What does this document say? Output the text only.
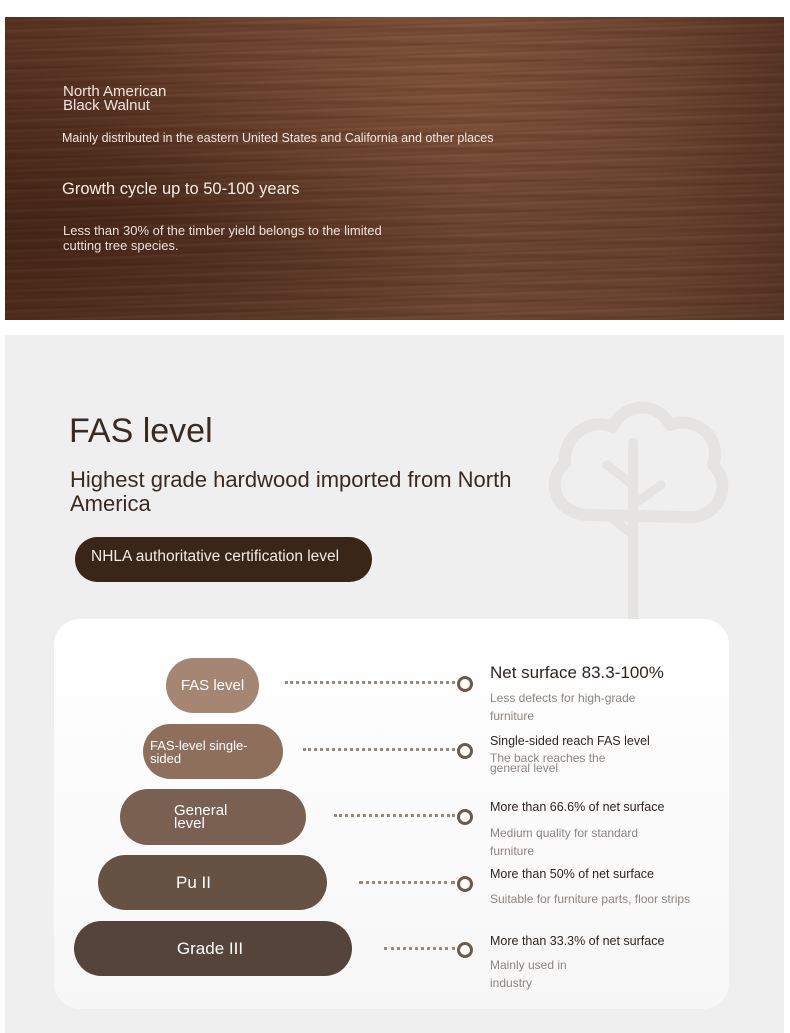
North American Black Walnut
Mainly distributed in the eastern United States and California and other places
Growth cycle up to 50-100 years
Less than 30% of the timber yield belongs to the limited cutting tree species.
FAS level
Highest grade hardwood imported from North America
NHLA authoritative certification level
FAS level
FAS-level single-sided
General level
Pu II
Grade III
Net surface 83.3-100%
Less defects for high-grade furniture
Single-sided reach FAS level
The back reaches the general level
More than 66.6% of net surface
Medium quality for standard furniture
More than 50% of net surface
Suitable for furniture parts, floor strips
More than 33.3% of net surface
Mainly used in industry
